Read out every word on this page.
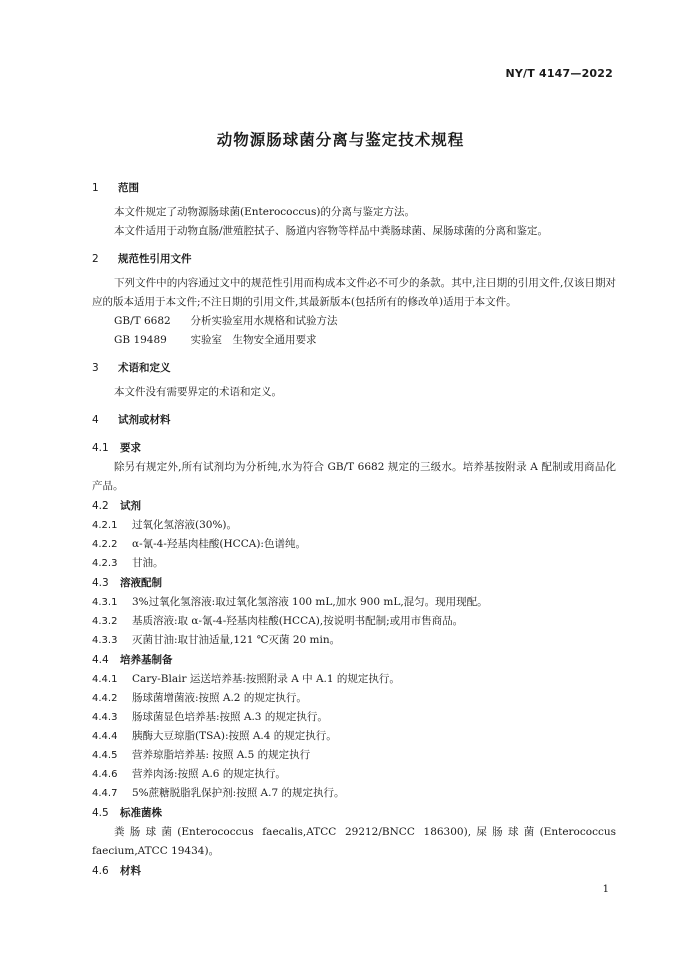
NY/T 4147—2022
动物源肠球菌分离与鉴定技术规程
1 范围

本文件规定了动物源肠球菌(Enterococcus)的分离与鉴定方法。

本文件适用于动物直肠/泄殖腔拭子、肠道内容物等样品中粪肠球菌、屎肠球菌的分离和鉴定。

2 规范性引用文件

下列文件中的内容通过文中的规范性引用而构成本文件必不可少的条款。其中,注日期的引用文件,仅该日期对应的版本适用于本文件;不注日期的引用文件,其最新版本(包括所有的修改单)适用于本文件。

GB/T 6682　 分析实验室用水规格和试验方法
GB 19489　 实验室　生物安全通用要求
3 术语和定义

本文件没有需要界定的术语和定义。

4 试剂或材料
4.1 要求

除另有规定外,所有试剂均为分析纯,水为符合 GB/T 6682 规定的三级水。培养基按附录 A 配制或用商品化产品。

4.2 试剂
4.2.1 过氧化氢溶液(30%)。
4.2.2 α-氰-4-羟基肉桂酸(HCCA):色谱纯。
4.2.3 甘油。
4.3 溶液配制
4.3.1 3%过氧化氢溶液:取过氧化氢溶液 100 mL,加水 900 mL,混匀。现用现配。
4.3.2 基质溶液:取 α-氰-4-羟基肉桂酸(HCCA),按说明书配制;或用市售商品。
4.3.3 灭菌甘油:取甘油适量,121 ℃灭菌 20 min。
4.4 培养基制备
4.4.1 Cary-Blair 运送培养基:按照附录 A 中 A.1 的规定执行。
4.4.2 肠球菌增菌液:按照 A.2 的规定执行。
4.4.3 肠球菌显色培养基:按照 A.3 的规定执行。
4.4.4 胰酶大豆琼脂(TSA):按照 A.4 的规定执行。
4.4.5 营养琼脂培养基: 按照 A.5 的规定执行
4.4.6 营养肉汤:按照 A.6 的规定执行。
4.4.7 5%蔗糖脱脂乳保护剂:按照 A.7 的规定执行。
4.5 标准菌株

粪肠球菌(Enterococcus faecalis,ATCC 29212/BNCC 186300),屎肠球菌(Enterococcus faecium,ATCC 19434)。

4.6 材料
1
